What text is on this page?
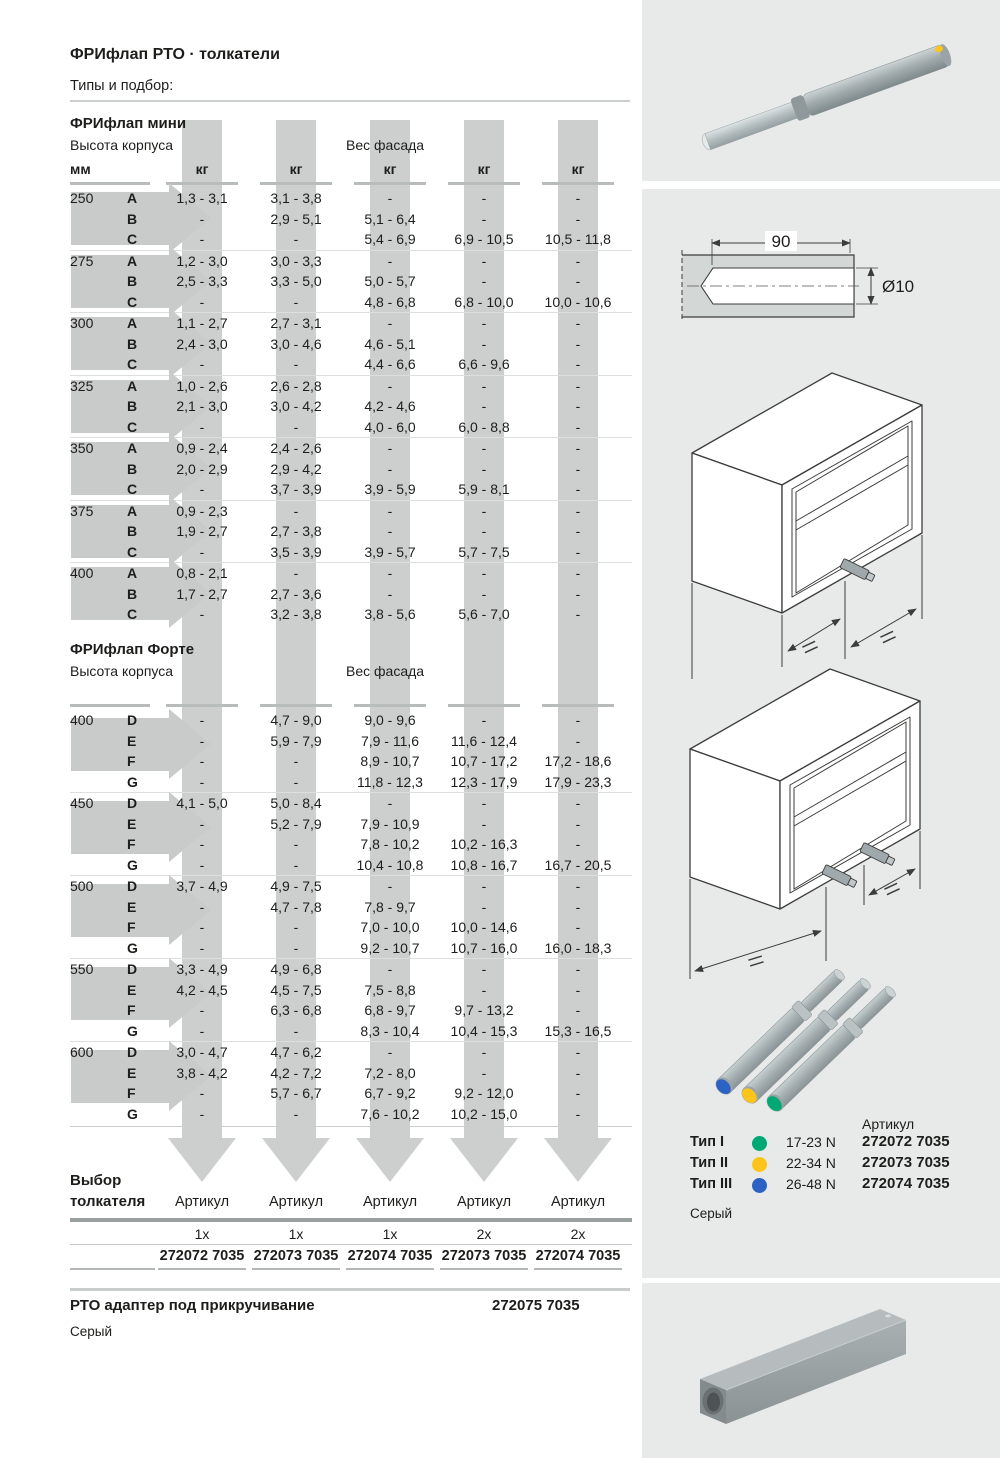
ФРИфлап РТО · толкатели
Типы и подбор:
ФРИфлап мини
Высота корпуса	Вес фасада
мм	кг	кг	кг	кг	кг
250	A	1,3 - 3,1	3,1 - 3,8	-	-	-
B	-	2,9 - 5,1	5,1 - 6,4	-	-
C	-	-	5,4 - 6,9	6,9 - 10,5	10,5 - 11,8
275	A	1,2 - 3,0	3,0 - 3,3	-	-	-
B	2,5 - 3,3	3,3 - 5,0	5,0 - 5,7	-	-
C	-	-	4,8 - 6,8	6,8 - 10,0	10,0 - 10,6
300	A	1,1 - 2,7	2,7 - 3,1	-	-	-
B	2,4 - 3,0	3,0 - 4,6	4,6 - 5,1	-	-
C	-	-	4,4 - 6,6	6,6 - 9,6	-
325	A	1,0 - 2,6	2,6 - 2,8	-	-	-
B	2,1 - 3,0	3,0 - 4,2	4,2 - 4,6	-	-
C	-	-	4,0 - 6,0	6,0 - 8,8	-
350	A	0,9 - 2,4	2,4 - 2,6	-	-	-
B	2,0 - 2,9	2,9 - 4,2	-	-	-
C	-	3,7 - 3,9	3,9 - 5,9	5,9 - 8,1	-
375	A	0,9 - 2,3	-	-	-	-
B	1,9 - 2,7	2,7 - 3,8	-	-	-
C	-	3,5 - 3,9	3,9 - 5,7	5,7 - 7,5	-
400	A	0,8 - 2,1	-	-	-	-
B	1,7 - 2,7	2,7 - 3,6	-	-	-
C	-	3,2 - 3,8	3,8 - 5,6	5,6 - 7,0	-
ФРИфлап Форте
Высота корпуса	Вес фасада
400	D	-	4,7 - 9,0	9,0 - 9,6	-	-
E	-	5,9 - 7,9	7,9 - 11,6	11,6 - 12,4	-
F	-	-	8,9 - 10,7	10,7 - 17,2	17,2 - 18,6
G	-	-	11,8 - 12,3	12,3 - 17,9	17,9 - 23,3
450	D	4,1 - 5,0	5,0 - 8,4	-	-	-
E	-	5,2 - 7,9	7,9 - 10,9	-	-
F	-	-	7,8 - 10,2	10,2 - 16,3	-
G	-	-	10,4 - 10,8	10,8 - 16,7	16,7 - 20,5
500	D	3,7 - 4,9	4,9 - 7,5	-	-	-
E	-	4,7 - 7,8	7,8 - 9,7	-	-
F	-	-	7,0 - 10,0	10,0 - 14,6	-
G	-	-	9,2 - 10,7	10,7 - 16,0	16,0 - 18,3
550	D	3,3 - 4,9	4,9 - 6,8	-	-	-
E	4,2 - 4,5	4,5 - 7,5	7,5 - 8,8	-	-
F	-	6,3 - 6,8	6,8 - 9,7	9,7 - 13,2	-
G	-	-	8,3 - 10,4	10,4 - 15,3	15,3 - 16,5
600	D	3,0 - 4,7	4,7 - 6,2	-	-	-
E	3,8 - 4,2	4,2 - 7,2	7,2 - 8,0	-	-
F	-	5,7 - 6,7	6,7 - 9,2	9,2 - 12,0	-
G	-	-	7,6 - 10,2	10,2 - 15,0	-
Выбор
толкателя	Артикул	Артикул	Артикул	Артикул	Артикул
1x	1x	1x	2x	2x
272072 7035 272073 7035 272074 7035 272073 7035 272074 7035
РТО адаптер под прикручивание	272075 7035
Серый
90
Ø10
Артикул
Тип I	17-23 N 272072 7035
Тип II	22-34 N 272073 7035
Тип III	26-48 N 272074 7035
Серый
